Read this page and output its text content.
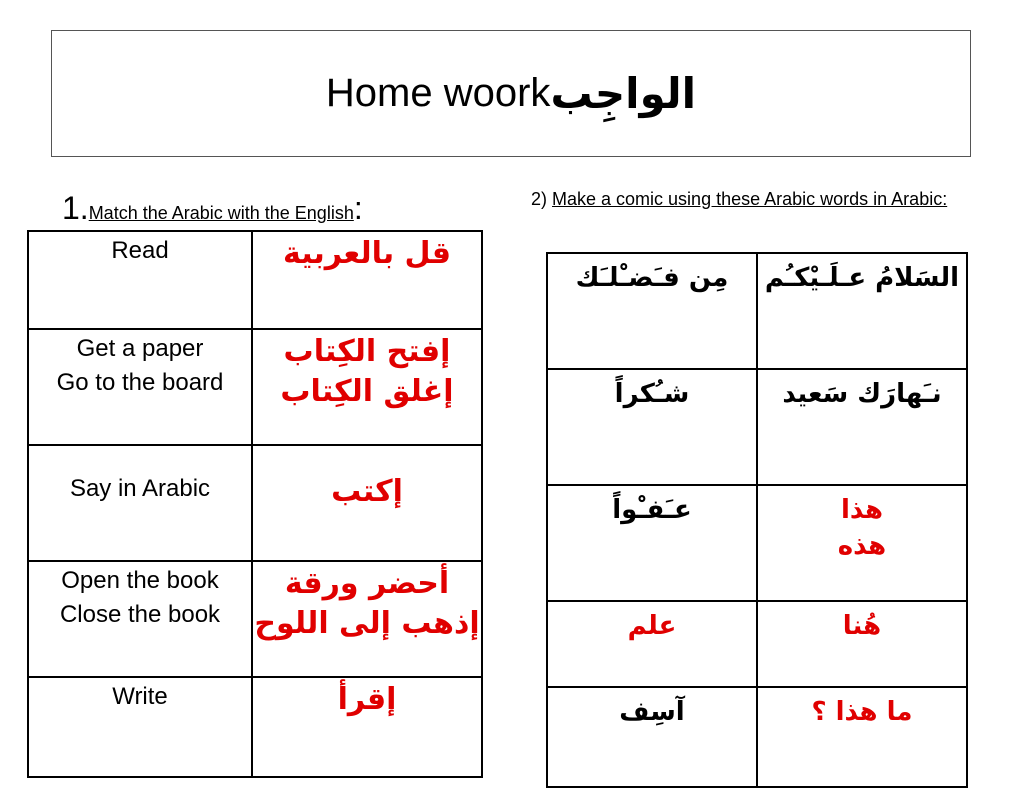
Home woork الواجِب
1.Match the Arabic with the English:	2) Make a comic using these Arabic words in Arabic:
Read	قل بالعربية

Get a paper
Go to the board	إفتح الكِتاب
إغلق الكِتاب

Say in Arabic	إكتب

Open the book
Close the book	أحضر ورقة
إذهب إلى اللوح

Write	إقرأ
مِن فـَضـْلـَك	السَلامُ عـلَـيْكـُم

شـُكراً	نـَهارَك سَعيد

عـَفـْواً	هذا
هذه

علم	هُنا

آسِف	ما هذا ؟
